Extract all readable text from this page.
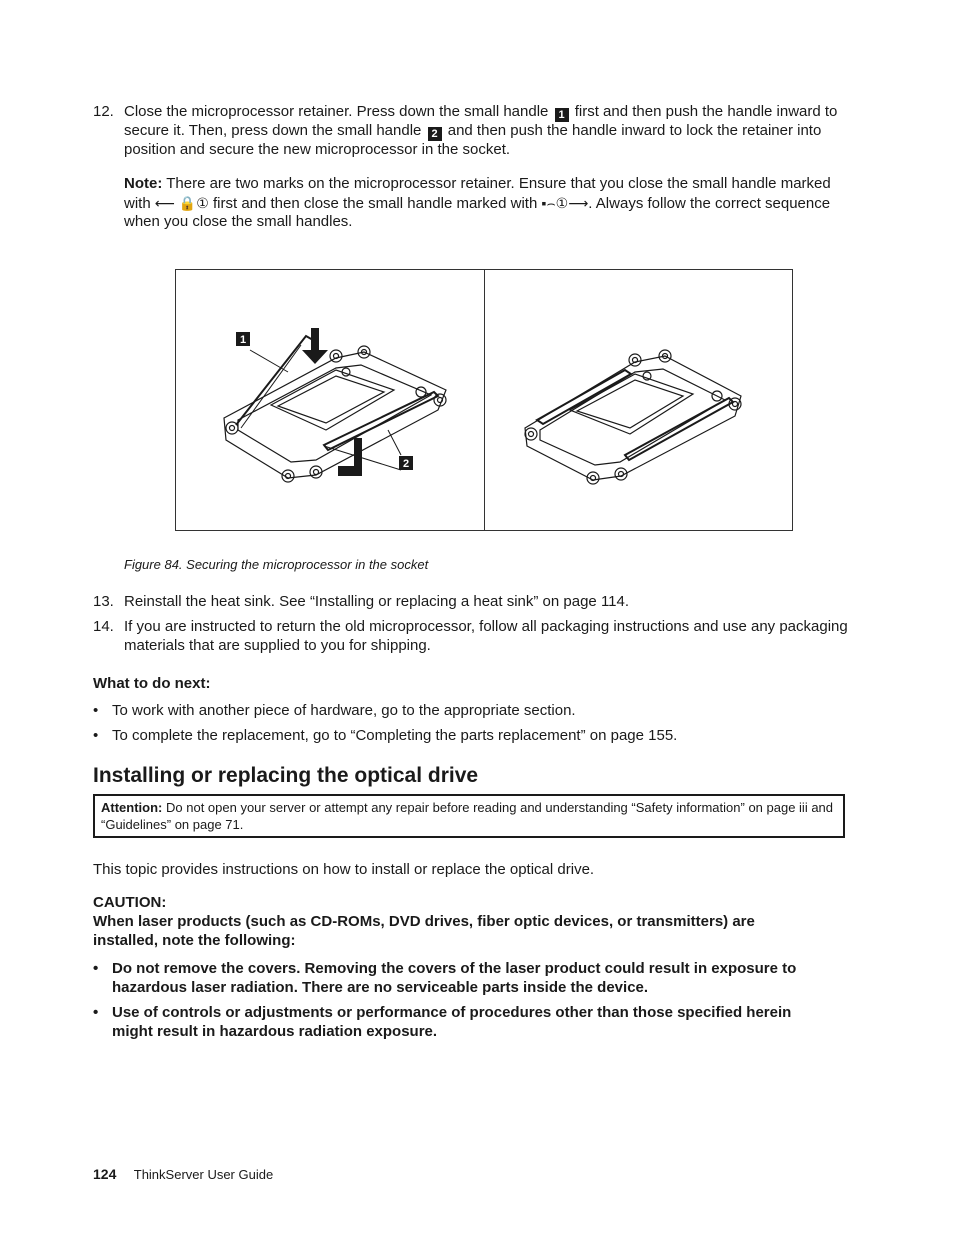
12. Close the microprocessor retainer. Press down the small handle 1 first and then push the handle inward to secure it. Then, press down the small handle 2 and then push the handle inward to lock the retainer into position and secure the new microprocessor in the socket.
Note: There are two marks on the microprocessor retainer. Ensure that you close the small handle marked with ⟵ 🔒① first and then close the small handle marked with ▪⌢①⟶. Always follow the correct sequence when you close the small handles.
1
2
Figure 84. Securing the microprocessor in the socket
13. Reinstall the heat sink. See “Installing or replacing a heat sink” on page 114.
14. If you are instructed to return the old microprocessor, follow all packaging instructions and use any packaging materials that are supplied to you for shipping.
What to do next:
• To work with another piece of hardware, go to the appropriate section.
• To complete the replacement, go to “Completing the parts replacement” on page 155.
Installing or replacing the optical drive
Attention: Do not open your server or attempt any repair before reading and understanding “Safety information” on page iii and “Guidelines” on page 71.
This topic provides instructions on how to install or replace the optical drive.
CAUTION:
When laser products (such as CD-ROMs, DVD drives, fiber optic devices, or transmitters) are installed, note the following:
• Do not remove the covers. Removing the covers of the laser product could result in exposure to hazardous laser radiation. There are no serviceable parts inside the device.
• Use of controls or adjustments or performance of procedures other than those specified herein might result in hazardous radiation exposure.
124 ThinkServer User Guide
